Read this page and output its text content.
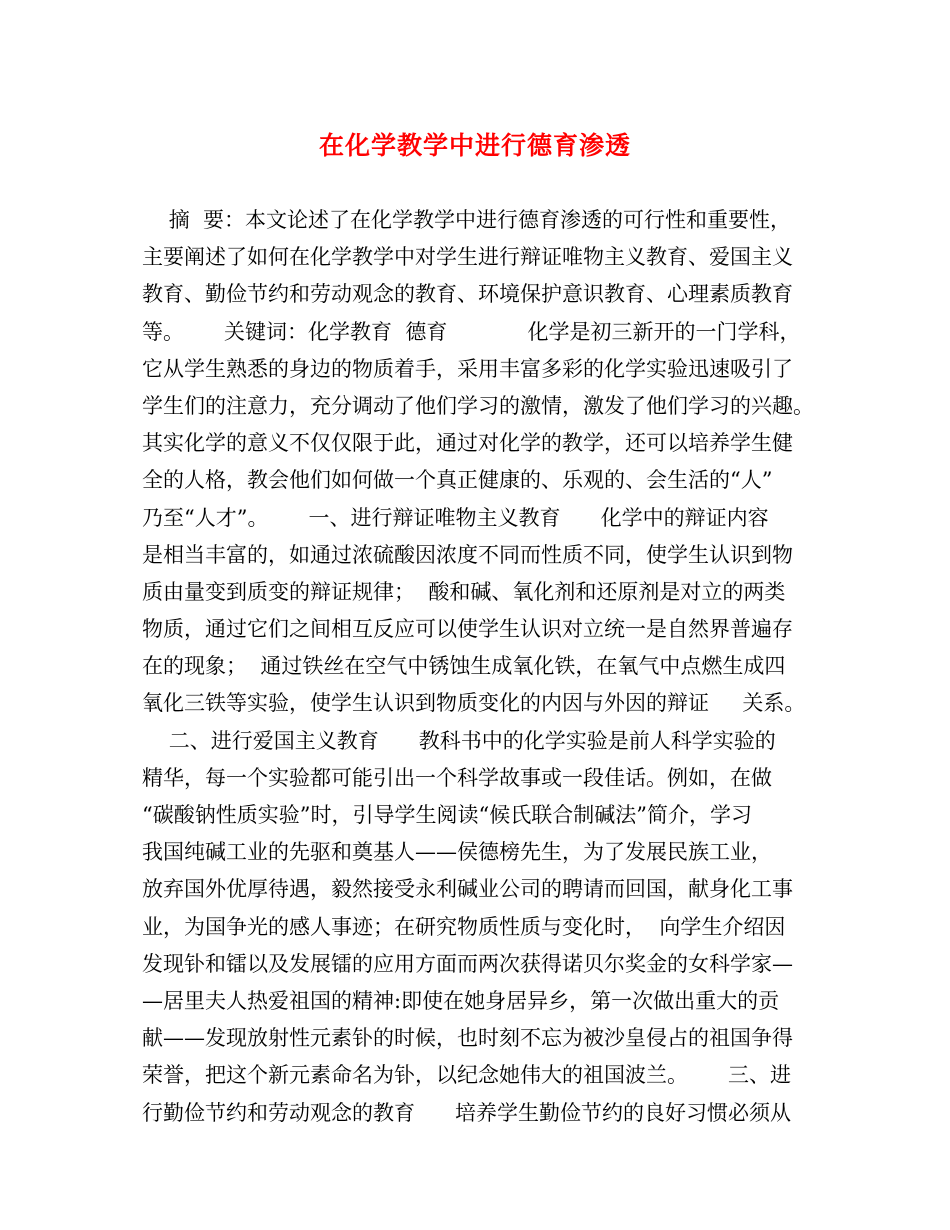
在化学教学中进行德育渗透
摘  要：本文论述了在化学教学中进行德育渗透的可行性和重要性，
主要阐述了如何在化学教学中对学生进行辩证唯物主义教育、爱国主义
教育、勤俭节约和劳动观念的教育、环境保护意识教育、心理素质教育
等。      关键词：化学教育  德育            化学是初三新开的一门学科，
它从学生熟悉的身边的物质着手，采用丰富多彩的化学实验迅速吸引了
学生们的注意力，充分调动了他们学习的激情，激发了他们学习的兴趣。
其实化学的意义不仅仅限于此，通过对化学的教学，还可以培养学生健
全的人格，教会他们如何做一个真正健康的、乐观的、会生活的“人”
乃至“人才”。      一、进行辩证唯物主义教育      化学中的辩证内容
是相当丰富的，如通过浓硫酸因浓度不同而性质不同，使学生认识到物
质由量变到质变的辩证规律；  酸和碱、氧化剂和还原剂是对立的两类
物质，通过它们之间相互反应可以使学生认识对立统一是自然界普遍存
在的现象；  通过铁丝在空气中锈蚀生成氧化铁，在氧气中点燃生成四
氧化三铁等实验，使学生认识到物质变化的内因与外因的辩证     关系。
二、进行爱国主义教育      教科书中的化学实验是前人科学实验的
精华，每一个实验都可能引出一个科学故事或一段佳话。例如，在做
“碳酸钠性质实验”时，引导学生阅读“候氏联合制碱法”简介，学习
我国纯碱工业的先驱和奠基人——侯德榜先生，为了发展民族工业，
放弃国外优厚待遇，毅然接受永利碱业公司的聘请而回国，献身化工事
业，为国争光的感人事迹；在研究物质性质与变化时，  向学生介绍因
发现钋和镭以及发展镭的应用方面而两次获得诺贝尔奖金的女科学家—
—居里夫人热爱祖国的精神:即使在她身居异乡，第一次做出重大的贡
献——发现放射性元素钋的时候，也时刻不忘为被沙皇侵占的祖国争得
荣誉，把这个新元素命名为钋，以纪念她伟大的祖国波兰。      三、进
行勤俭节约和劳动观念的教育      培养学生勤俭节约的良好习惯必须从
